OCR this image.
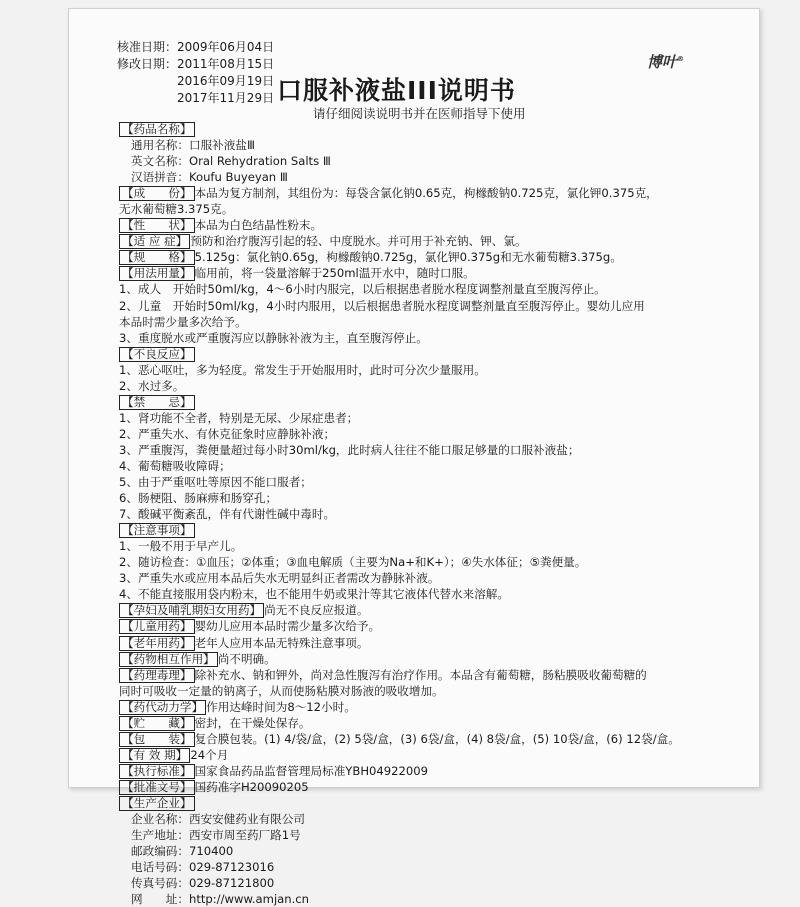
博叶®
核准日期：2009年06月04日
修改日期：2011年08月15日
2016年09月19日
2017年11月29日 口服补液盐III说明书
请仔细阅读说明书并在医师指导下使用
【药品名称】
通用名称：口服补液盐Ⅲ
英文名称：Oral Rehydration Salts Ⅲ
汉语拼音：Koufu Buyeyan Ⅲ
【成　　份】 本品为复方制剂，其组份为：每袋含氯化钠0.65克，枸橼酸钠0.725克，氯化钾0.375克，
无水葡萄糖3.375克。
【性　　状】 本品为白色结晶性粉末。
【适 应 症】 预防和治疗腹泻引起的轻、中度脱水。并可用于补充钠、钾、氯。
【规　　格】 5.125g：氯化钠0.65g，枸橼酸钠0.725g，氯化钾0.375g和无水葡萄糖3.375g。
【用法用量】 临用前，将一袋量溶解于250ml温开水中，随时口服。
1、成人　开始时50ml/kg，4～6小时内服完，以后根据患者脱水程度调整剂量直至腹泻停止。
2、儿童　开始时50ml/kg，4小时内服用，以后根据患者脱水程度调整剂量直至腹泻停止。婴幼儿应用
本品时需少量多次给予。
3、重度脱水或严重腹泻应以静脉补液为主，直至腹泻停止。
【不良反应】
1、恶心呕吐，多为轻度。常发生于开始服用时，此时可分次少量服用。
2、水过多。
【禁　　忌】
1、肾功能不全者，特别是无尿、少尿症患者；
2、严重失水、有休克征象时应静脉补液；
3、严重腹泻，粪便量超过每小时30ml/kg，此时病人往往不能口服足够量的口服补液盐；
4、葡萄糖吸收障碍；
5、由于严重呕吐等原因不能口服者；
6、肠梗阻、肠麻痹和肠穿孔；
7、酸碱平衡紊乱，伴有代谢性碱中毒时。
【注意事项】
1、一般不用于早产儿。
2、随访检查：①血压；②体重；③血电解质（主要为Na+和K+）；④失水体征；⑤粪便量。
3、严重失水或应用本品后失水无明显纠正者需改为静脉补液。
4、不能直接服用袋内粉末，也不能用牛奶或果汁等其它液体代替水来溶解。
【孕妇及哺乳期妇女用药】 尚无不良反应报道。
【儿童用药】 婴幼儿应用本品时需少量多次给予。
【老年用药】 老年人应用本品无特殊注意事项。
【药物相互作用】 尚不明确。
【药理毒理】 除补充水、钠和钾外，尚对急性腹泻有治疗作用。本品含有葡萄糖，肠粘膜吸收葡萄糖的
同时可吸收一定量的钠离子，从而使肠粘膜对肠液的吸收增加。
【药代动力学】 作用达峰时间为8～12小时。
【贮　　藏】 密封，在干燥处保存。
【包　　装】 复合膜包装。(1) 4/袋/盒，(2) 5袋/盒，(3) 6袋/盒，(4) 8袋/盒，(5) 10袋/盒，(6) 12袋/盒。
【有 效 期】 24个月
【执行标准】 国家食品药品监督管理局标准YBH04922009
【批准文号】 国药准字H20090205
【生产企业】
企业名称：西安安健药业有限公司
生产地址：西安市周至药厂路1号
邮政编码：710400
电话号码：029-87123016
传真号码：029-87121800
网　　址：http://www.amjan.cn
